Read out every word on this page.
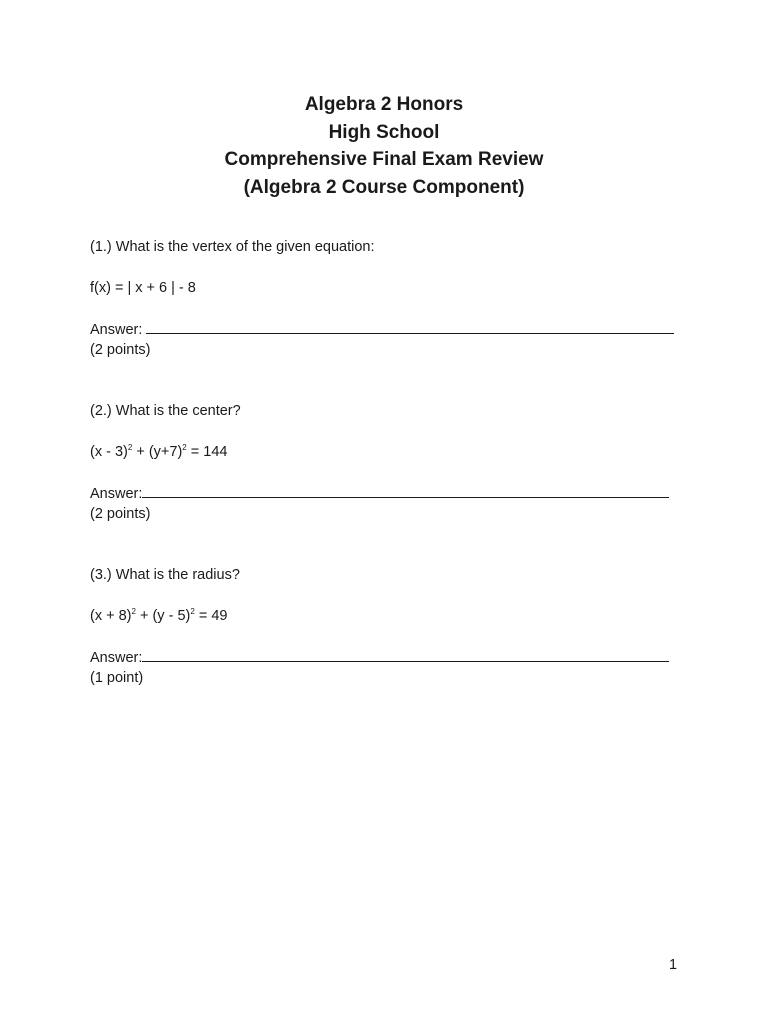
Algebra 2 Honors
High School
Comprehensive Final Exam Review
(Algebra 2 Course Component)
(1.) What is the vertex of the given equation:
f(x) = | x + 6 | - 8
Answer:
(2 points)
(2.) What is the center?
$(x - 3)^2 + (y+7)^2 = 144$
Answer:
(2 points)
(3.) What is the radius?
$(x + 8)^2 + (y - 5)^2 = 49$
Answer:
(1 point)
1
